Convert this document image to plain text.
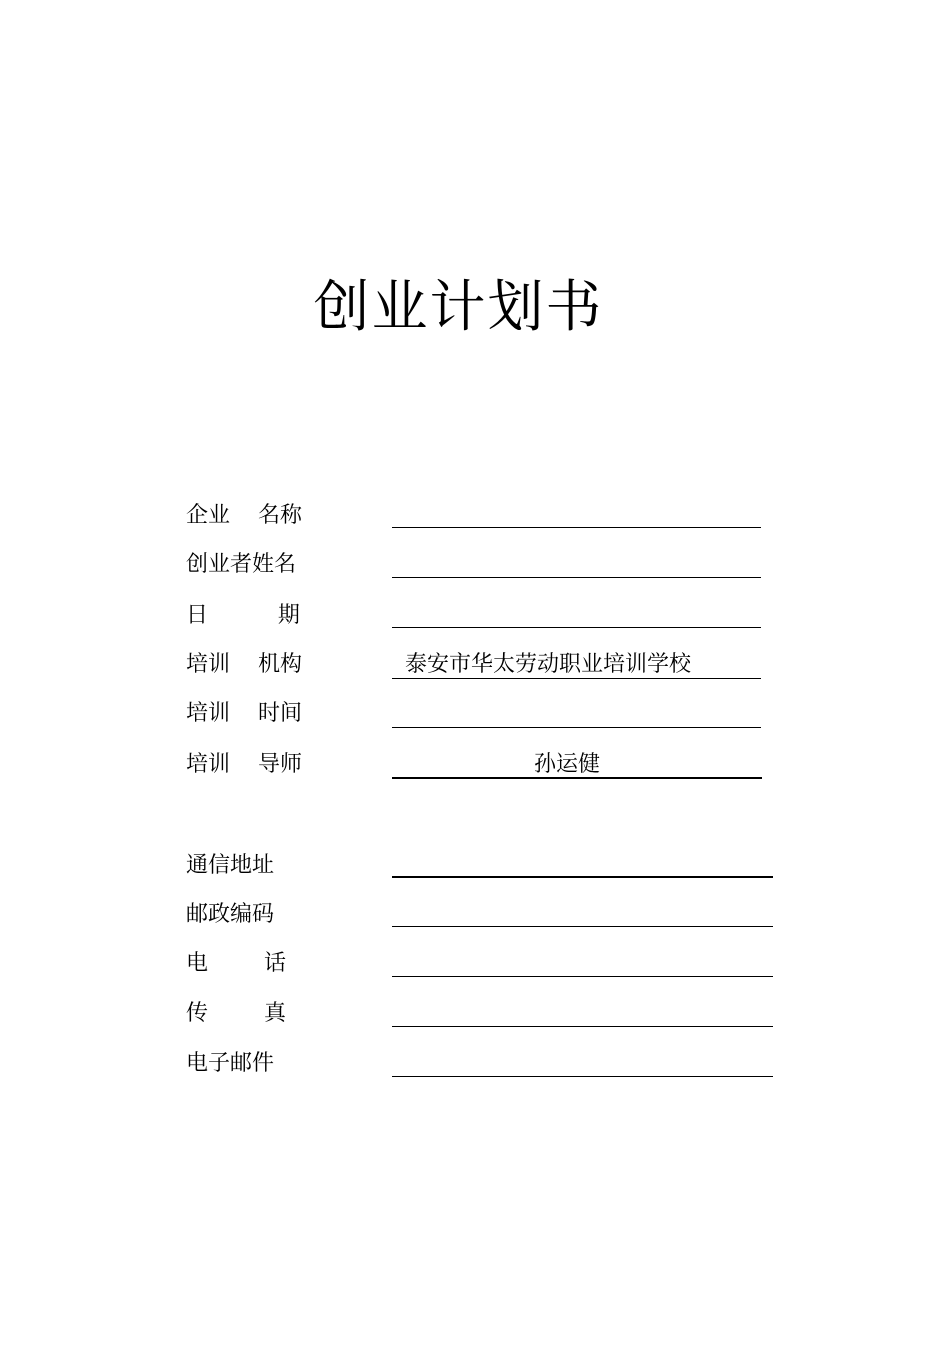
创业计划书
企业    名称
创业者姓名
日          期
培训    机构	泰安市华太劳动职业培训学校
培训    时间
培训    导师	孙运健
通信地址
邮政编码
电        话
传        真
电子邮件
